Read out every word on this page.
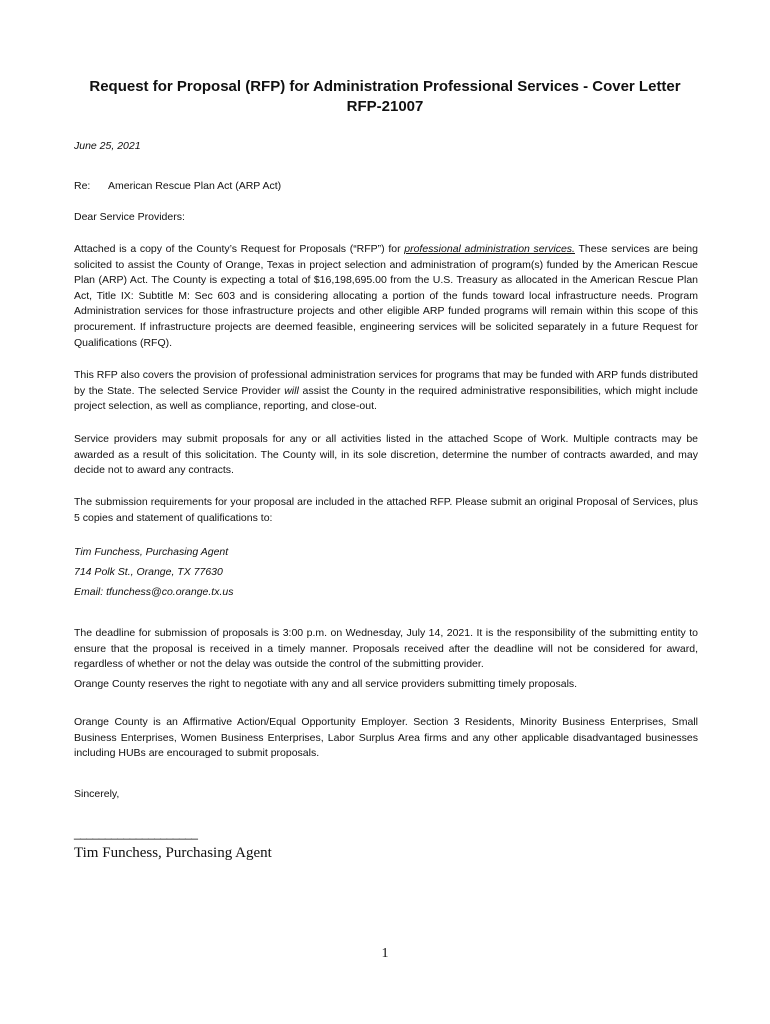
Request for Proposal (RFP) for Administration Professional Services - Cover Letter
RFP-21007
June 25, 2021
Re: American Rescue Plan Act (ARP Act)
Dear Service Providers:

Attached is a copy of the County’s Request for Proposals (“RFP”) for professional administration services. These services are being solicited to assist the County of Orange, Texas in project selection and administration of program(s) funded by the American Rescue Plan (ARP) Act. The County is expecting a total of $16,198,695.00 from the U.S. Treasury as allocated in the American Rescue Plan Act, Title IX: Subtitle M: Sec 603 and is considering allocating a portion of the funds toward local infrastructure needs. Program Administration services for those infrastructure projects and other eligible ARP funded programs will remain within this scope of this procurement. If infrastructure projects are deemed feasible, engineering services will be solicited separately in a future Request for Qualifications (RFQ).

This RFP also covers the provision of professional administration services for programs that may be funded with ARP funds distributed by the State. The selected Service Provider will assist the County in the required administrative responsibilities, which might include project selection, as well as compliance, reporting, and close-out.

Service providers may submit proposals for any or all activities listed in the attached Scope of Work. Multiple contracts may be awarded as a result of this solicitation. The County will, in its sole discretion, determine the number of contracts awarded, and may decide not to award any contracts.

The submission requirements for your proposal are included in the attached RFP. Please submit an original Proposal of Services, plus 5 copies and statement of qualifications to:

Tim Funchess, Purchasing Agent
714 Polk St., Orange, TX 77630
Email: tfunchess@co.orange.tx.us

The deadline for submission of proposals is 3:00 p.m. on Wednesday, July 14, 2021. It is the responsibility of the submitting entity to ensure that the proposal is received in a timely manner. Proposals received after the deadline will not be considered for award, regardless of whether or not the delay was outside the control of the submitting provider.

Orange County reserves the right to negotiate with any and all service providers submitting timely proposals.

Orange County is an Affirmative Action/Equal Opportunity Employer. Section 3 Residents, Minority Business Enterprises, Small Business Enterprises, Women Business Enterprises, Labor Surplus Area firms and any other applicable disadvantaged businesses including HUBs are encouraged to submit proposals.

Sincerely,
____________________
Tim Funchess, Purchasing Agent
1
